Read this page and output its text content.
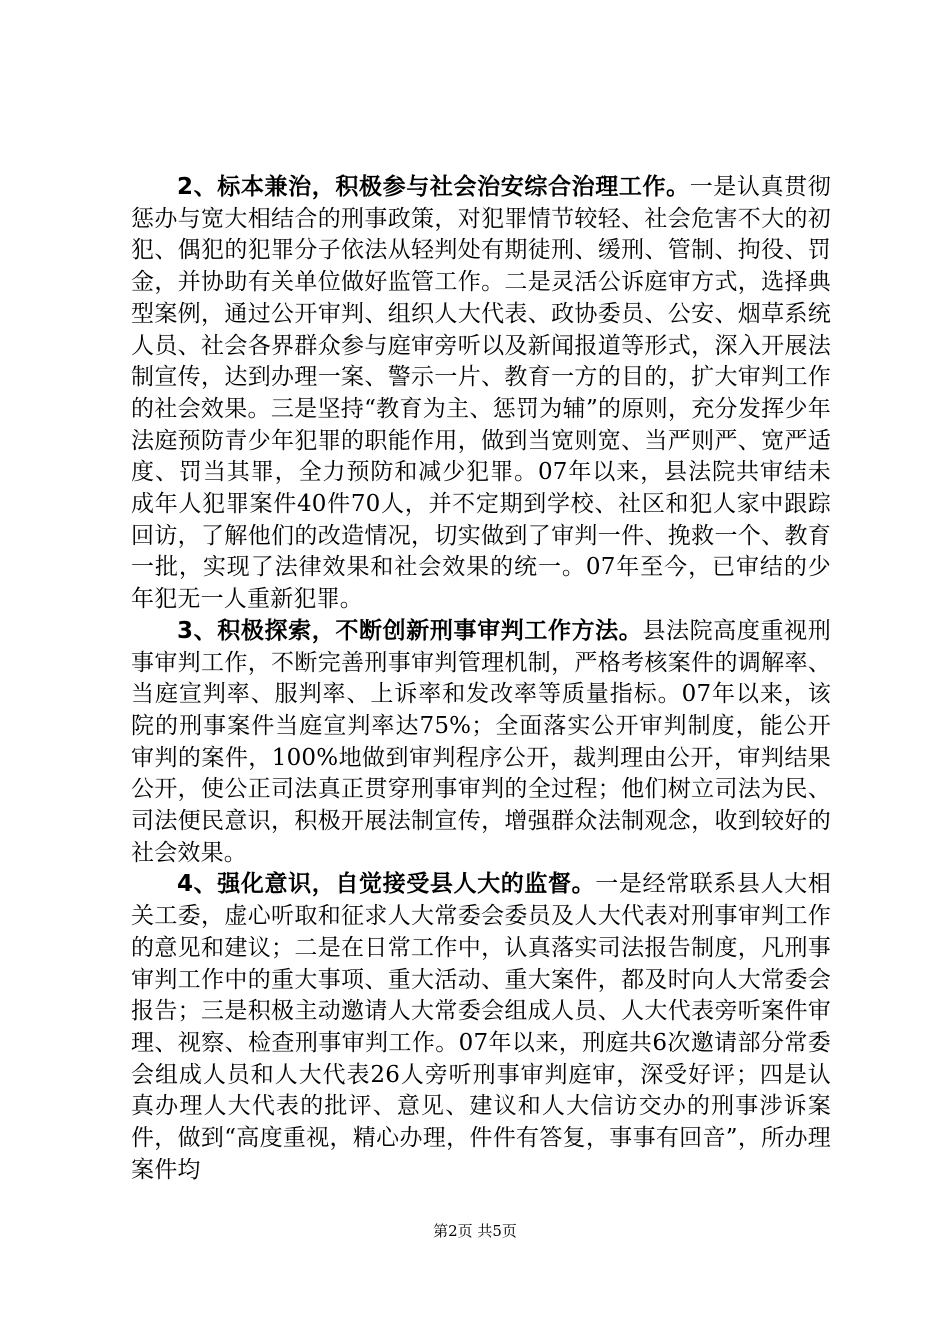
2、标本兼治，积极参与社会治安综合治理工作。一是认真贯彻惩办与宽大相结合的刑事政策，对犯罪情节较轻、社会危害不大的初犯、偶犯的犯罪分子依法从轻判处有期徒刑、缓刑、管制、拘役、罚金，并协助有关单位做好监管工作。二是灵活公诉庭审方式，选择典型案例，通过公开审判、组织人大代表、政协委员、公安、烟草系统人员、社会各界群众参与庭审旁听以及新闻报道等形式，深入开展法制宣传，达到办理一案、警示一片、教育一方的目的，扩大审判工作的社会效果。三是坚持“教育为主、惩罚为辅”的原则，充分发挥少年法庭预防青少年犯罪的职能作用，做到当宽则宽、当严则严、宽严适度、罚当其罪，全力预防和减少犯罪。07年以来，县法院共审结未成年人犯罪案件40件70人，并不定期到学校、社区和犯人家中跟踪回访，了解他们的改造情况，切实做到了审判一件、挽救一个、教育一批，实现了法律效果和社会效果的统一。07年至今，已审结的少年犯无一人重新犯罪。

3、积极探索，不断创新刑事审判工作方法。县法院高度重视刑事审判工作，不断完善刑事审判管理机制，严格考核案件的调解率、当庭宣判率、服判率、上诉率和发改率等质量指标。07年以来，该院的刑事案件当庭宣判率达75%；全面落实公开审判制度，能公开审判的案件，100%地做到审判程序公开，裁判理由公开，审判结果公开，使公正司法真正贯穿刑事审判的全过程；他们树立司法为民、司法便民意识，积极开展法制宣传，增强群众法制观念，收到较好的社会效果。

4、强化意识，自觉接受县人大的监督。一是经常联系县人大相关工委，虚心听取和征求人大常委会委员及人大代表对刑事审判工作的意见和建议；二是在日常工作中，认真落实司法报告制度，凡刑事审判工作中的重大事项、重大活动、重大案件，都及时向人大常委会报告；三是积极主动邀请人大常委会组成人员、人大代表旁听案件审理、视察、检查刑事审判工作。07年以来，刑庭共6次邀请部分常委会组成人员和人大代表26人旁听刑事审判庭审，深受好评；四是认真办理人大代表的批评、意见、建议和人大信访交办的刑事涉诉案件，做到“高度重视，精心办理，件件有答复，事事有回音”，所办理案件均

第2页 共5页
